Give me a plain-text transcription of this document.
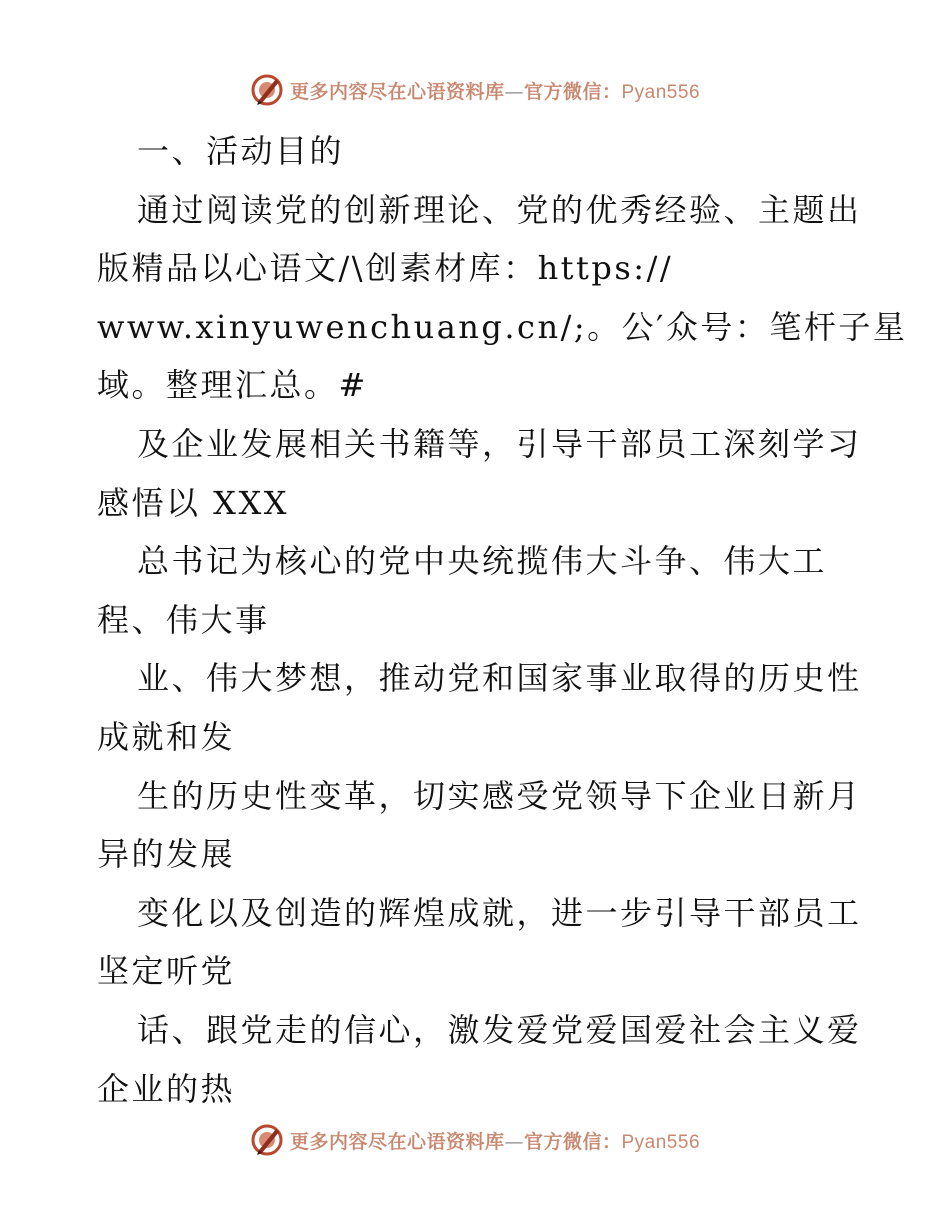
更多内容尽在心语资料库—官方微信：Pyan556
一、活动目的
通过阅读党的创新理论、党的优秀经验、主题出
版精品以心语文/\创素材库：https://
www.xinyuwenchuang.cn/;。公′众号：笔杆子星
域。整理汇总。#
及企业发展相关书籍等，引导干部员工深刻学习
感悟以 XXX
总书记为核心的党中央统揽伟大斗争、伟大工
程、伟大事
业、伟大梦想，推动党和国家事业取得的历史性
成就和发
生的历史性变革，切实感受党领导下企业日新月
异的发展
变化以及创造的辉煌成就，进一步引导干部员工
坚定听党
话、跟党走的信心，激发爱党爱国爱社会主义爱
企业的热
更多内容尽在心语资料库—官方微信：Pyan556
